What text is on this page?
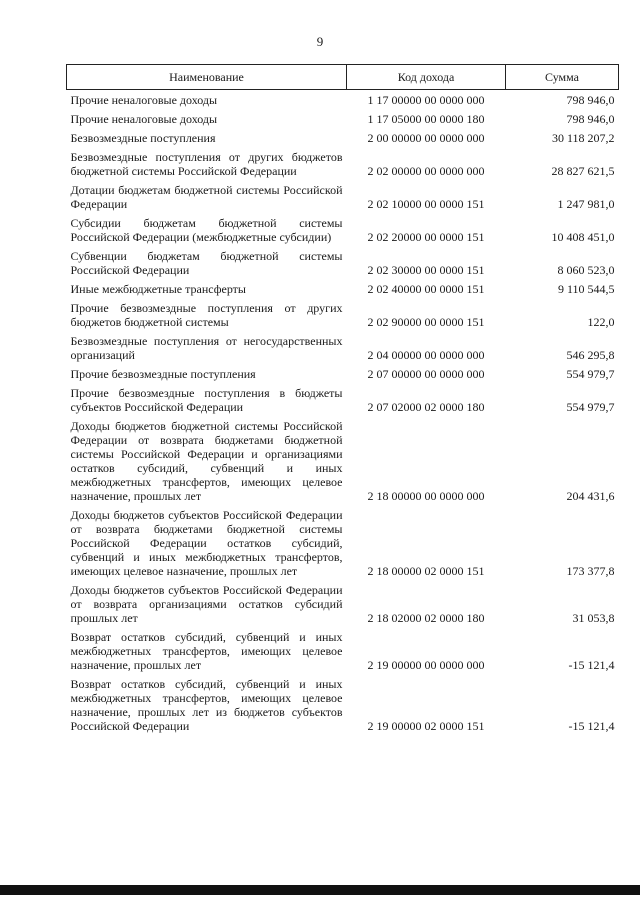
9
Наименование	Код дохода	Сумма
Прочие неналоговые доходы	1 17 00000 00 0000 000	798 946,0
Прочие неналоговые доходы	1 17 05000 00 0000 180	798 946,0
Безвозмездные поступления	2 00 00000 00 0000 000	30 118 207,2
Безвозмездные поступления от других бюджетов бюджетной системы Российской Федерации	2 02 00000 00 0000 000	28 827 621,5
Дотации бюджетам бюджетной системы Российской Федерации	2 02 10000 00 0000 151	1 247 981,0
Субсидии бюджетам бюджетной системы Российской Федерации (межбюджетные субсидии)	2 02 20000 00 0000 151	10 408 451,0
Субвенции бюджетам бюджетной системы Российской Федерации	2 02 30000 00 0000 151	8 060 523,0
Иные межбюджетные трансферты	2 02 40000 00 0000 151	9 110 544,5
Прочие безвозмездные поступления от других бюджетов бюджетной системы	2 02 90000 00 0000 151	122,0
Безвозмездные поступления от негосударственных организаций	2 04 00000 00 0000 000	546 295,8
Прочие безвозмездные поступления	2 07 00000 00 0000 000	554 979,7
Прочие безвозмездные поступления в бюджеты субъектов Российской Федерации	2 07 02000 02 0000 180	554 979,7
Доходы бюджетов бюджетной системы Российской Федерации от возврата бюджетами бюджетной системы Российской Федерации и организациями остатков субсидий, субвенций и иных межбюджетных трансфертов, имеющих целевое назначение, прошлых лет	2 18 00000 00 0000 000	204 431,6
Доходы бюджетов субъектов Российской Федерации от возврата бюджетами бюджетной системы Российской Федерации остатков субсидий, субвенций и иных межбюджетных трансфертов, имеющих целевое назначение, прошлых лет	2 18 00000 02 0000 151	173 377,8
Доходы бюджетов субъектов Российской Федерации от возврата организациями остатков субсидий прошлых лет	2 18 02000 02 0000 180	31 053,8
Возврат остатков субсидий, субвенций и иных межбюджетных трансфертов, имеющих целевое назначение, прошлых лет	2 19 00000 00 0000 000	-15 121,4
Возврат остатков субсидий, субвенций и иных межбюджетных трансфертов, имеющих целевое назначение, прошлых лет из бюджетов субъектов Российской Федерации	2 19 00000 02 0000 151	-15 121,4
